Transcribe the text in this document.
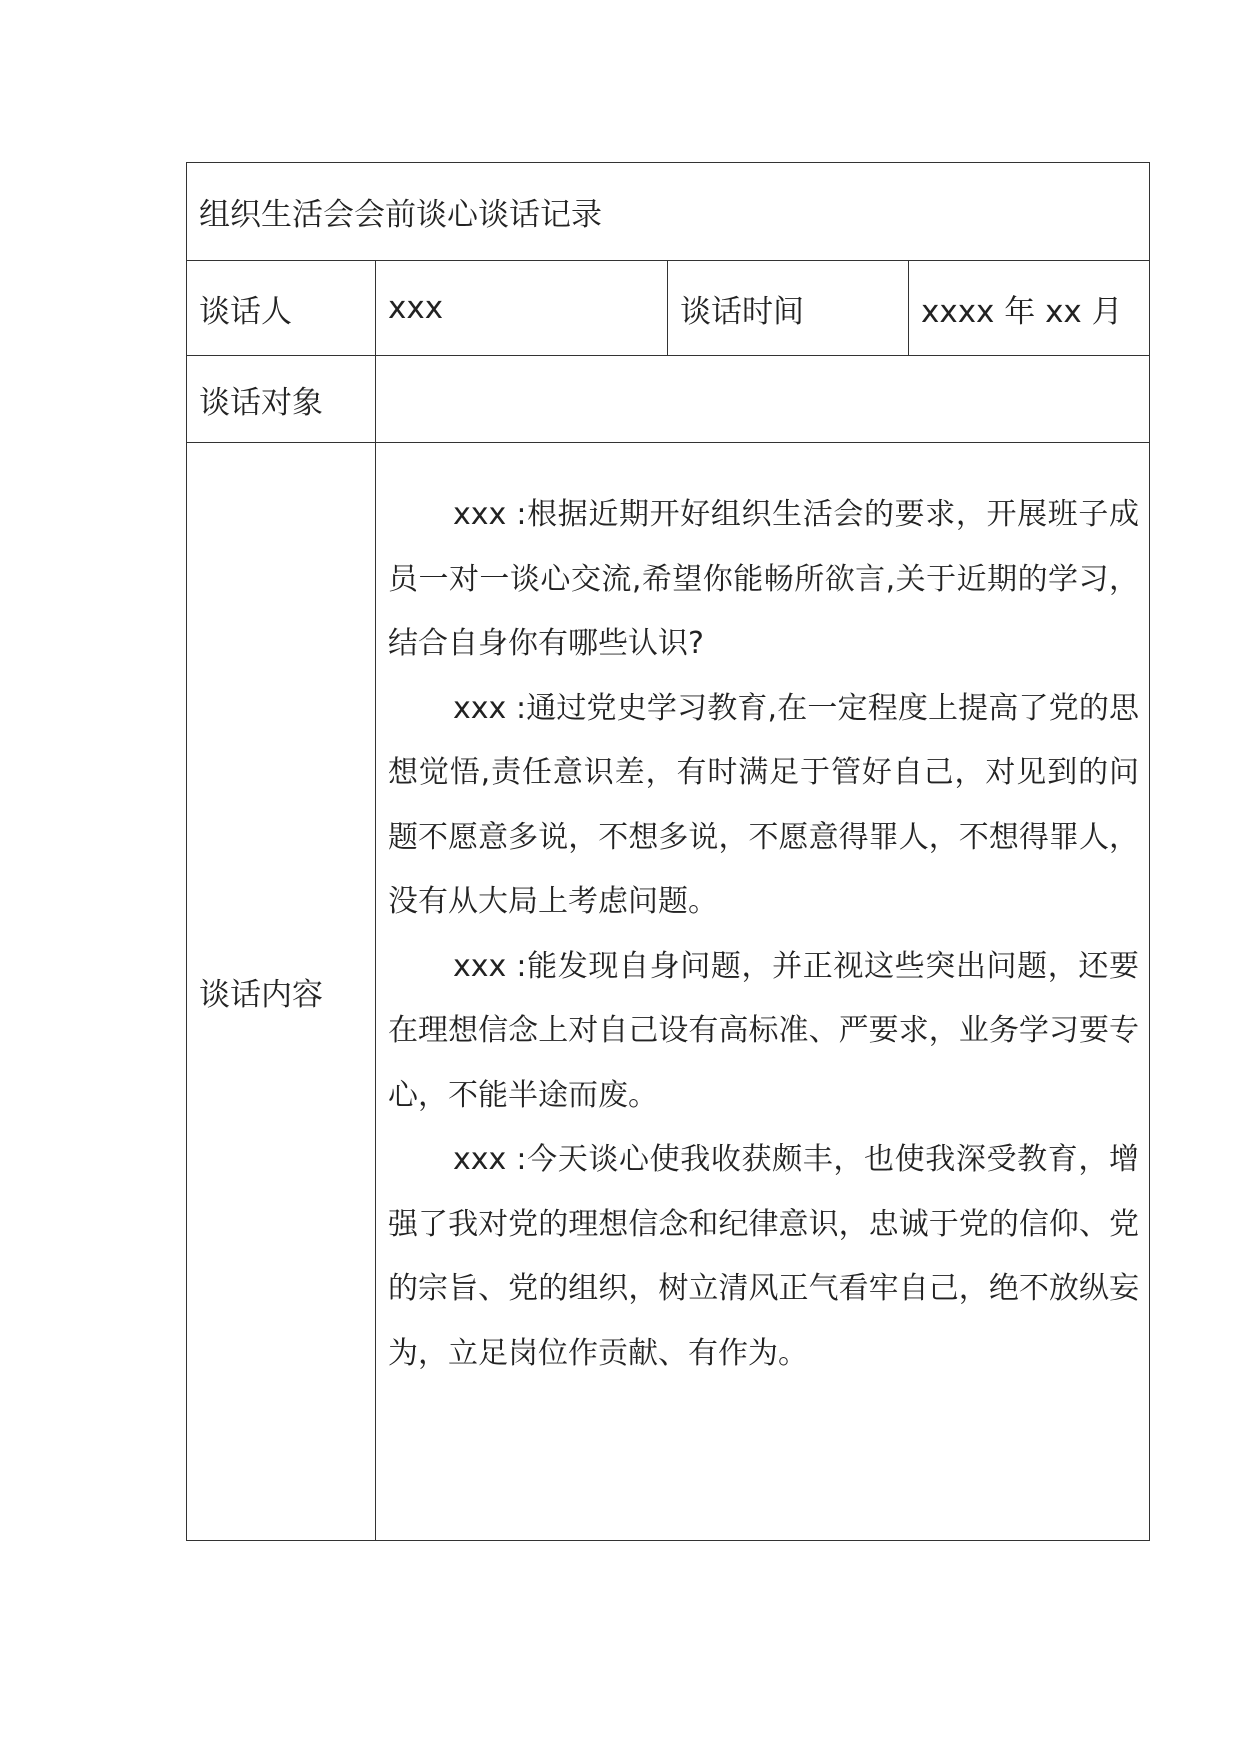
组织生活会会前谈心谈话记录			
谈话人	xxx	谈话时间	xxxx 年 xx 月
谈话对象			
谈话内容	xxx :根据近期开好组织生活会的要求，开展班子成员一对一谈心交流,希望你能畅所欲言,关于近期的学习，结合自身你有哪些认识?

xxx :通过党史学习教育,在一定程度上提高了党的思想觉悟,责任意识差，有时满足于管好自己，对见到的问题不愿意多说，不想多说，不愿意得罪人，不想得罪人，没有从大局上考虑问题。

xxx :能发现自身问题，并正视这些突出问题，还要在理想信念上对自己设有高标准、严要求，业务学习要专心，不能半途而废。

xxx :今天谈心使我收获颇丰，也使我深受教育，增强了我对党的理想信念和纪律意识，忠诚于党的信仰、党的宗旨、党的组织，树立清风正气看牢自己，绝不放纵妄为，立足岗位作贡献、有作为。		
